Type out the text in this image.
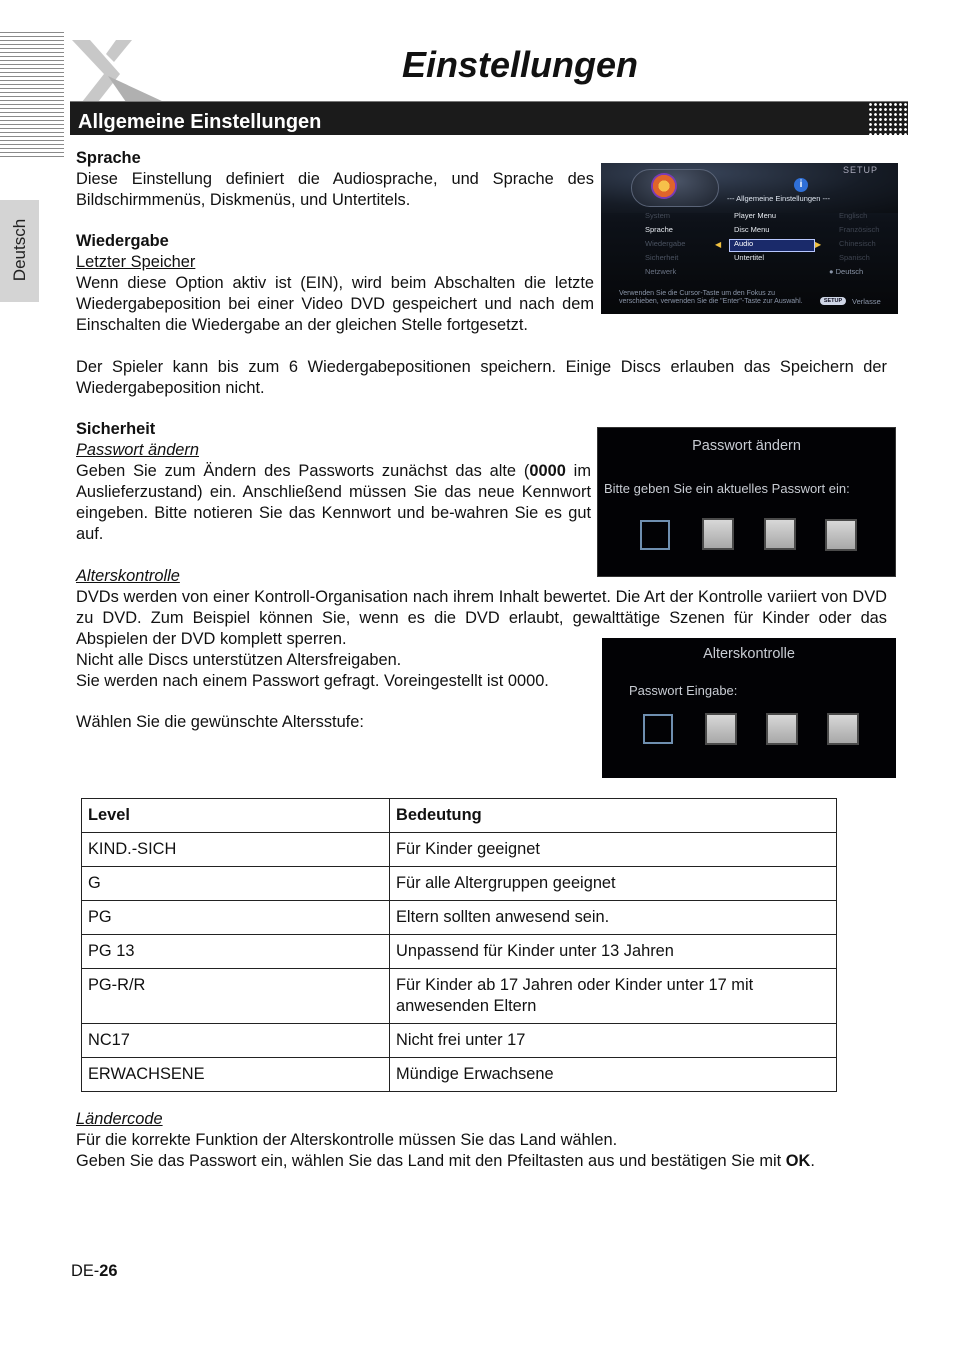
Einstellungen
Allgemeine Einstellungen
Deutsch
Sprache
Diese Einstellung definiert die Audiosprache, und Sprache des Bildschirmmenüs, Diskmenüs, und Untertitels.
Wiedergabe
Letzter Speicher
Wenn diese Option aktiv ist (EIN), wird beim Abschalten die letzte Wiedergabeposition bei einer Video DVD gespeichert und nach dem Einschalten die Wiedergabe an der gleichen Stelle fortgesetzt.
Der Spieler kann bis zum 6 Wiedergabepositionen speichern. Einige Discs erlauben das Speichern der Wiedergabeposition nicht.
Sicherheit
Passwort ändern
Geben Sie zum Ändern des Passworts zunächst das alte (0000 im Auslieferzustand) ein. Anschließend müssen Sie das neue Kennwort eingeben. Bitte notieren Sie das Kennwort und be-wahren Sie es gut auf.
Alterskontrolle
DVDs werden von einer Kontroll-Organisation nach ihrem Inhalt bewertet. Die Art der Kontrolle variiert von DVD zu DVD. Zum Beispiel können Sie, wenn es die DVD erlaubt, gewalttätige Szenen für Kinder oder das Abspielen der DVD komplett sperren.
Nicht alle Discs unterstützen Altersfreigaben.
Sie werden nach einem Passwort gefragt. Voreingestellt ist 0000.
Wählen Sie die gewünschte Altersstufe:
i
SETUP
--- Allgemeine Einstellungen ---
System
Sprache
Wiedergabe
Sicherheit
Netzwerk
◀	▶
Player Menu
Disc Menu
Audio
Untertitel
Englisch
Französisch
Chinesisch
Spanisch
● Deutsch
Verwenden Sie die Cursor-Taste um den Fokus zu verschieben, verwenden Sie die "Enter"-Taste zur Auswahl.	SETUP	Verlasse
Passwort ändern
Bitte geben Sie ein aktuelles Passwort ein:
Alterskontrolle
Passwort Eingabe:
Level	Bedeutung
KIND.-SICH	Für Kinder geeignet
G	Für alle Altergruppen geeignet
PG	Eltern sollten anwesend sein.
PG 13	Unpassend für Kinder unter 13 Jahren
PG-R/R	Für Kinder ab 17 Jahren oder Kinder unter 17 mit anwesenden Eltern
NC17	Nicht frei unter 17
ERWACHSENE	Mündige Erwachsene
Ländercode
Für die korrekte Funktion der Alterskontrolle müssen Sie das Land wählen.
Geben Sie das Passwort ein, wählen Sie das Land mit den Pfeiltasten aus und bestätigen Sie mit OK.
DE-26
